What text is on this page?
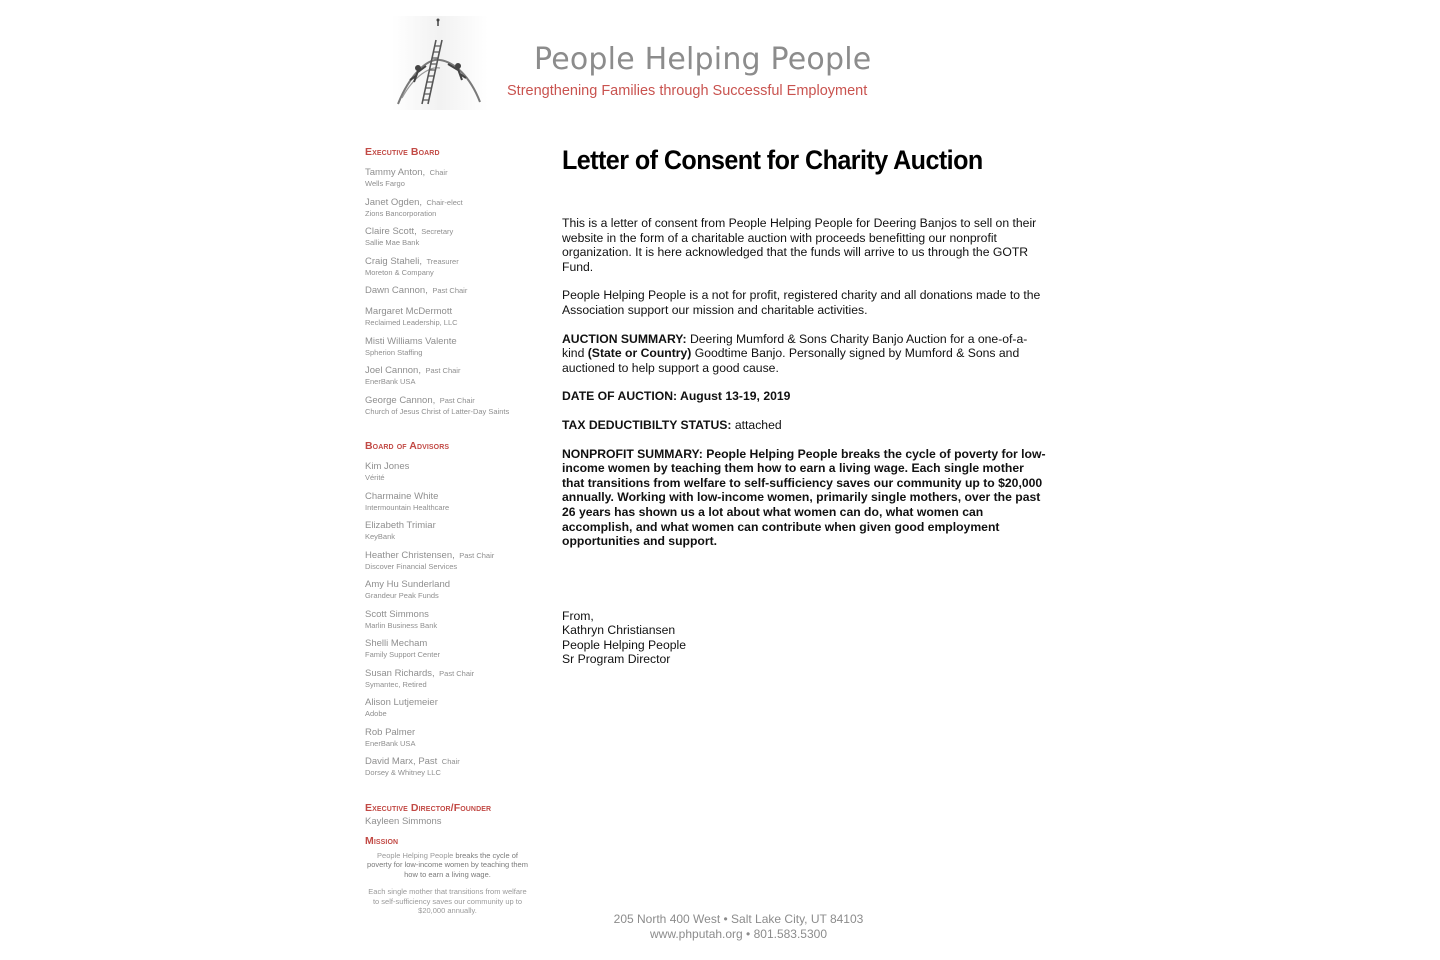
People Helping People
Strengthening Families through Successful Employment
Executive Board
Tammy Anton, Chair
Wells Fargo
Janet Ogden, Chair-elect
Zions Bancorporation
Claire Scott, Secretary
Sallie Mae Bank
Craig Staheli, Treasurer
Moreton & Company
Dawn Cannon, Past Chair
Margaret McDermott
Reclaimed Leadership, LLC
Misti Williams Valente
Spherion Staffing
Joel Cannon, Past Chair
EnerBank USA
George Cannon, Past Chair
Church of Jesus Christ of Latter-Day Saints
Board of Advisors
Kim Jones
Vérité
Charmaine White
Intermountain Healthcare
Elizabeth Trimiar
KeyBank
Heather Christensen, Past Chair
Discover Financial Services
Amy Hu Sunderland
Grandeur Peak Funds
Scott Simmons
Marlin Business Bank
Shelli Mecham
Family Support Center
Susan Richards, Past Chair
Symantec, Retired
Alison Lutjemeier
Adobe
Rob Palmer
EnerBank USA
David Marx, Past Chair
Dorsey & Whitney LLC
Executive Director/Founder
Kayleen Simmons
Mission

People Helping People breaks the cycle of poverty for low-income women by teaching them how to earn a living wage.

Each single mother that transitions from welfare to self-sufficiency saves our community up to $20,000 annually.

Letter of Consent for Charity Auction

This is a letter of consent from People Helping People for Deering Banjos to sell on their website in the form of a charitable auction with proceeds benefitting our nonprofit organization. It is here acknowledged that the funds will arrive to us through the GOTR Fund.

People Helping People is a not for profit, registered charity and all donations made to the Association support our mission and charitable activities.

AUCTION SUMMARY: Deering Mumford & Sons Charity Banjo Auction for a one-of-a-kind (State or Country) Goodtime Banjo. Personally signed by Mumford & Sons and auctioned to help support a good cause.

DATE OF AUCTION: August 13-19, 2019

TAX DEDUCTIBILTY STATUS: attached

NONPROFIT SUMMARY: People Helping People breaks the cycle of poverty for low-income women by teaching them how to earn a living wage. Each single mother that transitions from welfare to self-sufficiency saves our community up to $20,000 annually. Working with low-income women, primarily single mothers, over the past 26 years has shown us a lot about what women can do, what women can accomplish, and what women can contribute when given good employment opportunities and support.

From,
Kathryn Christiansen
People Helping People
Sr Program Director
205 North 400 West • Salt Lake City, UT 84103
www.phputah.org • 801.583.5300
